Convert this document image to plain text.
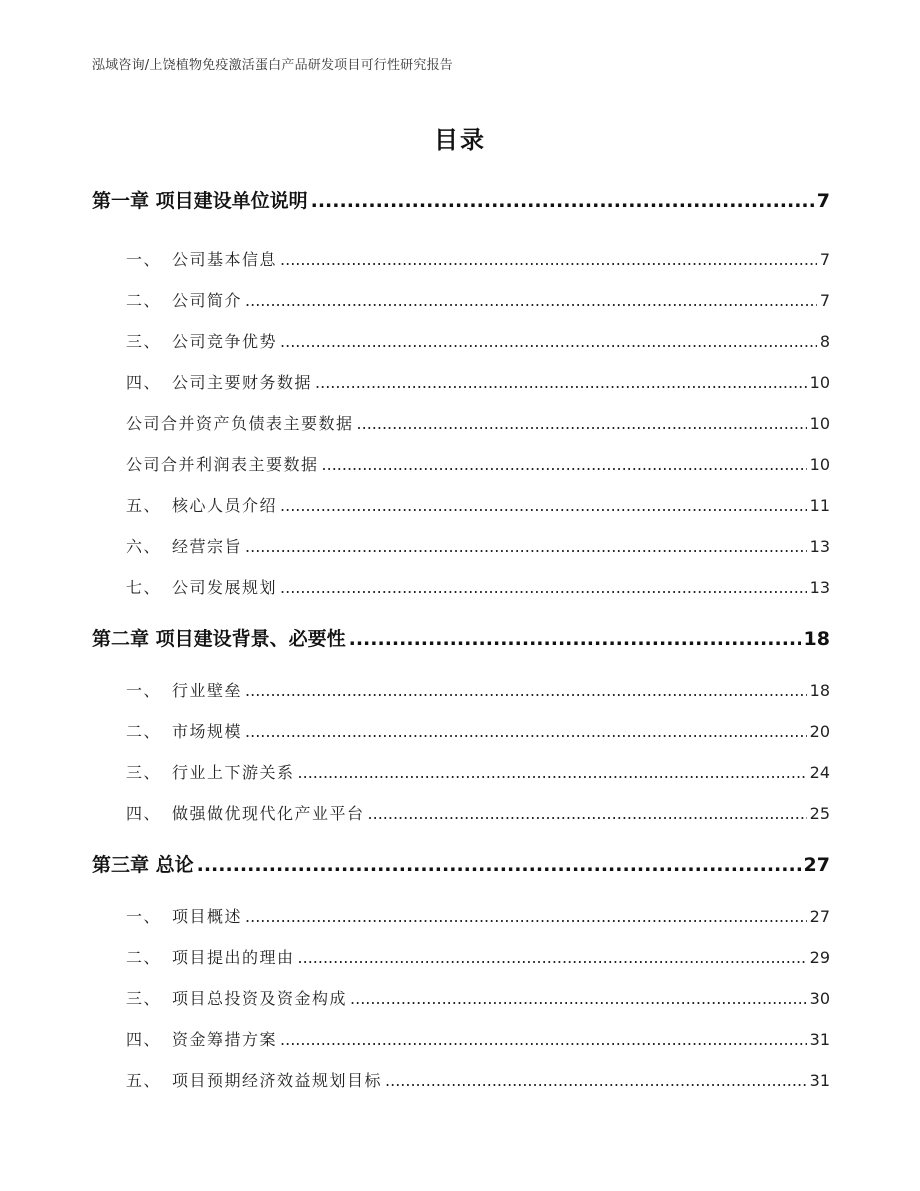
泓域咨询/上饶植物免疫激活蛋白产品研发项目可行性研究报告
目录
第一章 项目建设单位说明 .....	7
一、 公司基本信息 .....	7
二、 公司简介 .....	7
三、 公司竞争优势 .....	8
四、 公司主要财务数据 .....	10
公司合并资产负债表主要数据 .....	10
公司合并利润表主要数据 .....	10
五、 核心人员介绍 .....	11
六、 经营宗旨 .....	13
七、 公司发展规划 .....	13
第二章 项目建设背景、必要性 .....	18
一、 行业壁垒 .....	18
二、 市场规模 .....	20
三、 行业上下游关系 .....	24
四、 做强做优现代化产业平台 .....	25
第三章 总论 .....	27
一、 项目概述 .....	27
二、 项目提出的理由 .....	29
三、 项目总投资及资金构成 .....	30
四、 资金筹措方案 .....	31
五、 项目预期经济效益规划目标 .....	31
